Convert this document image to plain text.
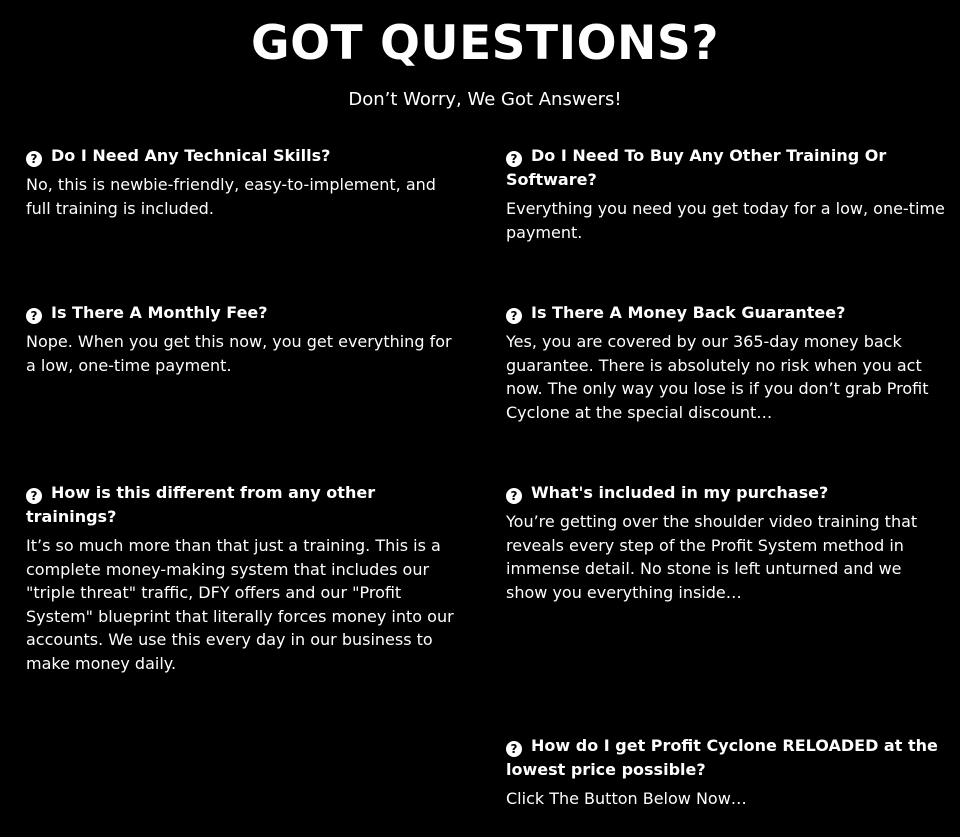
GOT QUESTIONS?
Don’t Worry, We Got Answers!

? Do I Need Any Technical Skills?

No, this is newbie-friendly, easy-to-implement, and full training is included.

? Do I Need To Buy Any Other Training Or Software?

Everything you need you get today for a low, one-time payment.

? Is There A Monthly Fee?

Nope. When you get this now, you get everything for a low, one-time payment.

? Is There A Money Back Guarantee?

Yes, you are covered by our 365-day money back guarantee. There is absolutely no risk when you act now. The only way you lose is if you don’t grab Profit Cyclone at the special discount…

? How is this different from any other trainings?

It’s so much more than that just a training. This is a complete money-making system that includes our "triple threat" traffic, DFY offers and our "Profit System" blueprint that literally forces money into our accounts. We use this every day in our business to make money daily.

? What's included in my purchase?

You’re getting over the shoulder video training that reveals every step of the Profit System method in immense detail. No stone is left unturned and we show you everything inside…

? How do I get Profit Cyclone RELOADED at the lowest price possible?

Click The Button Below Now…
